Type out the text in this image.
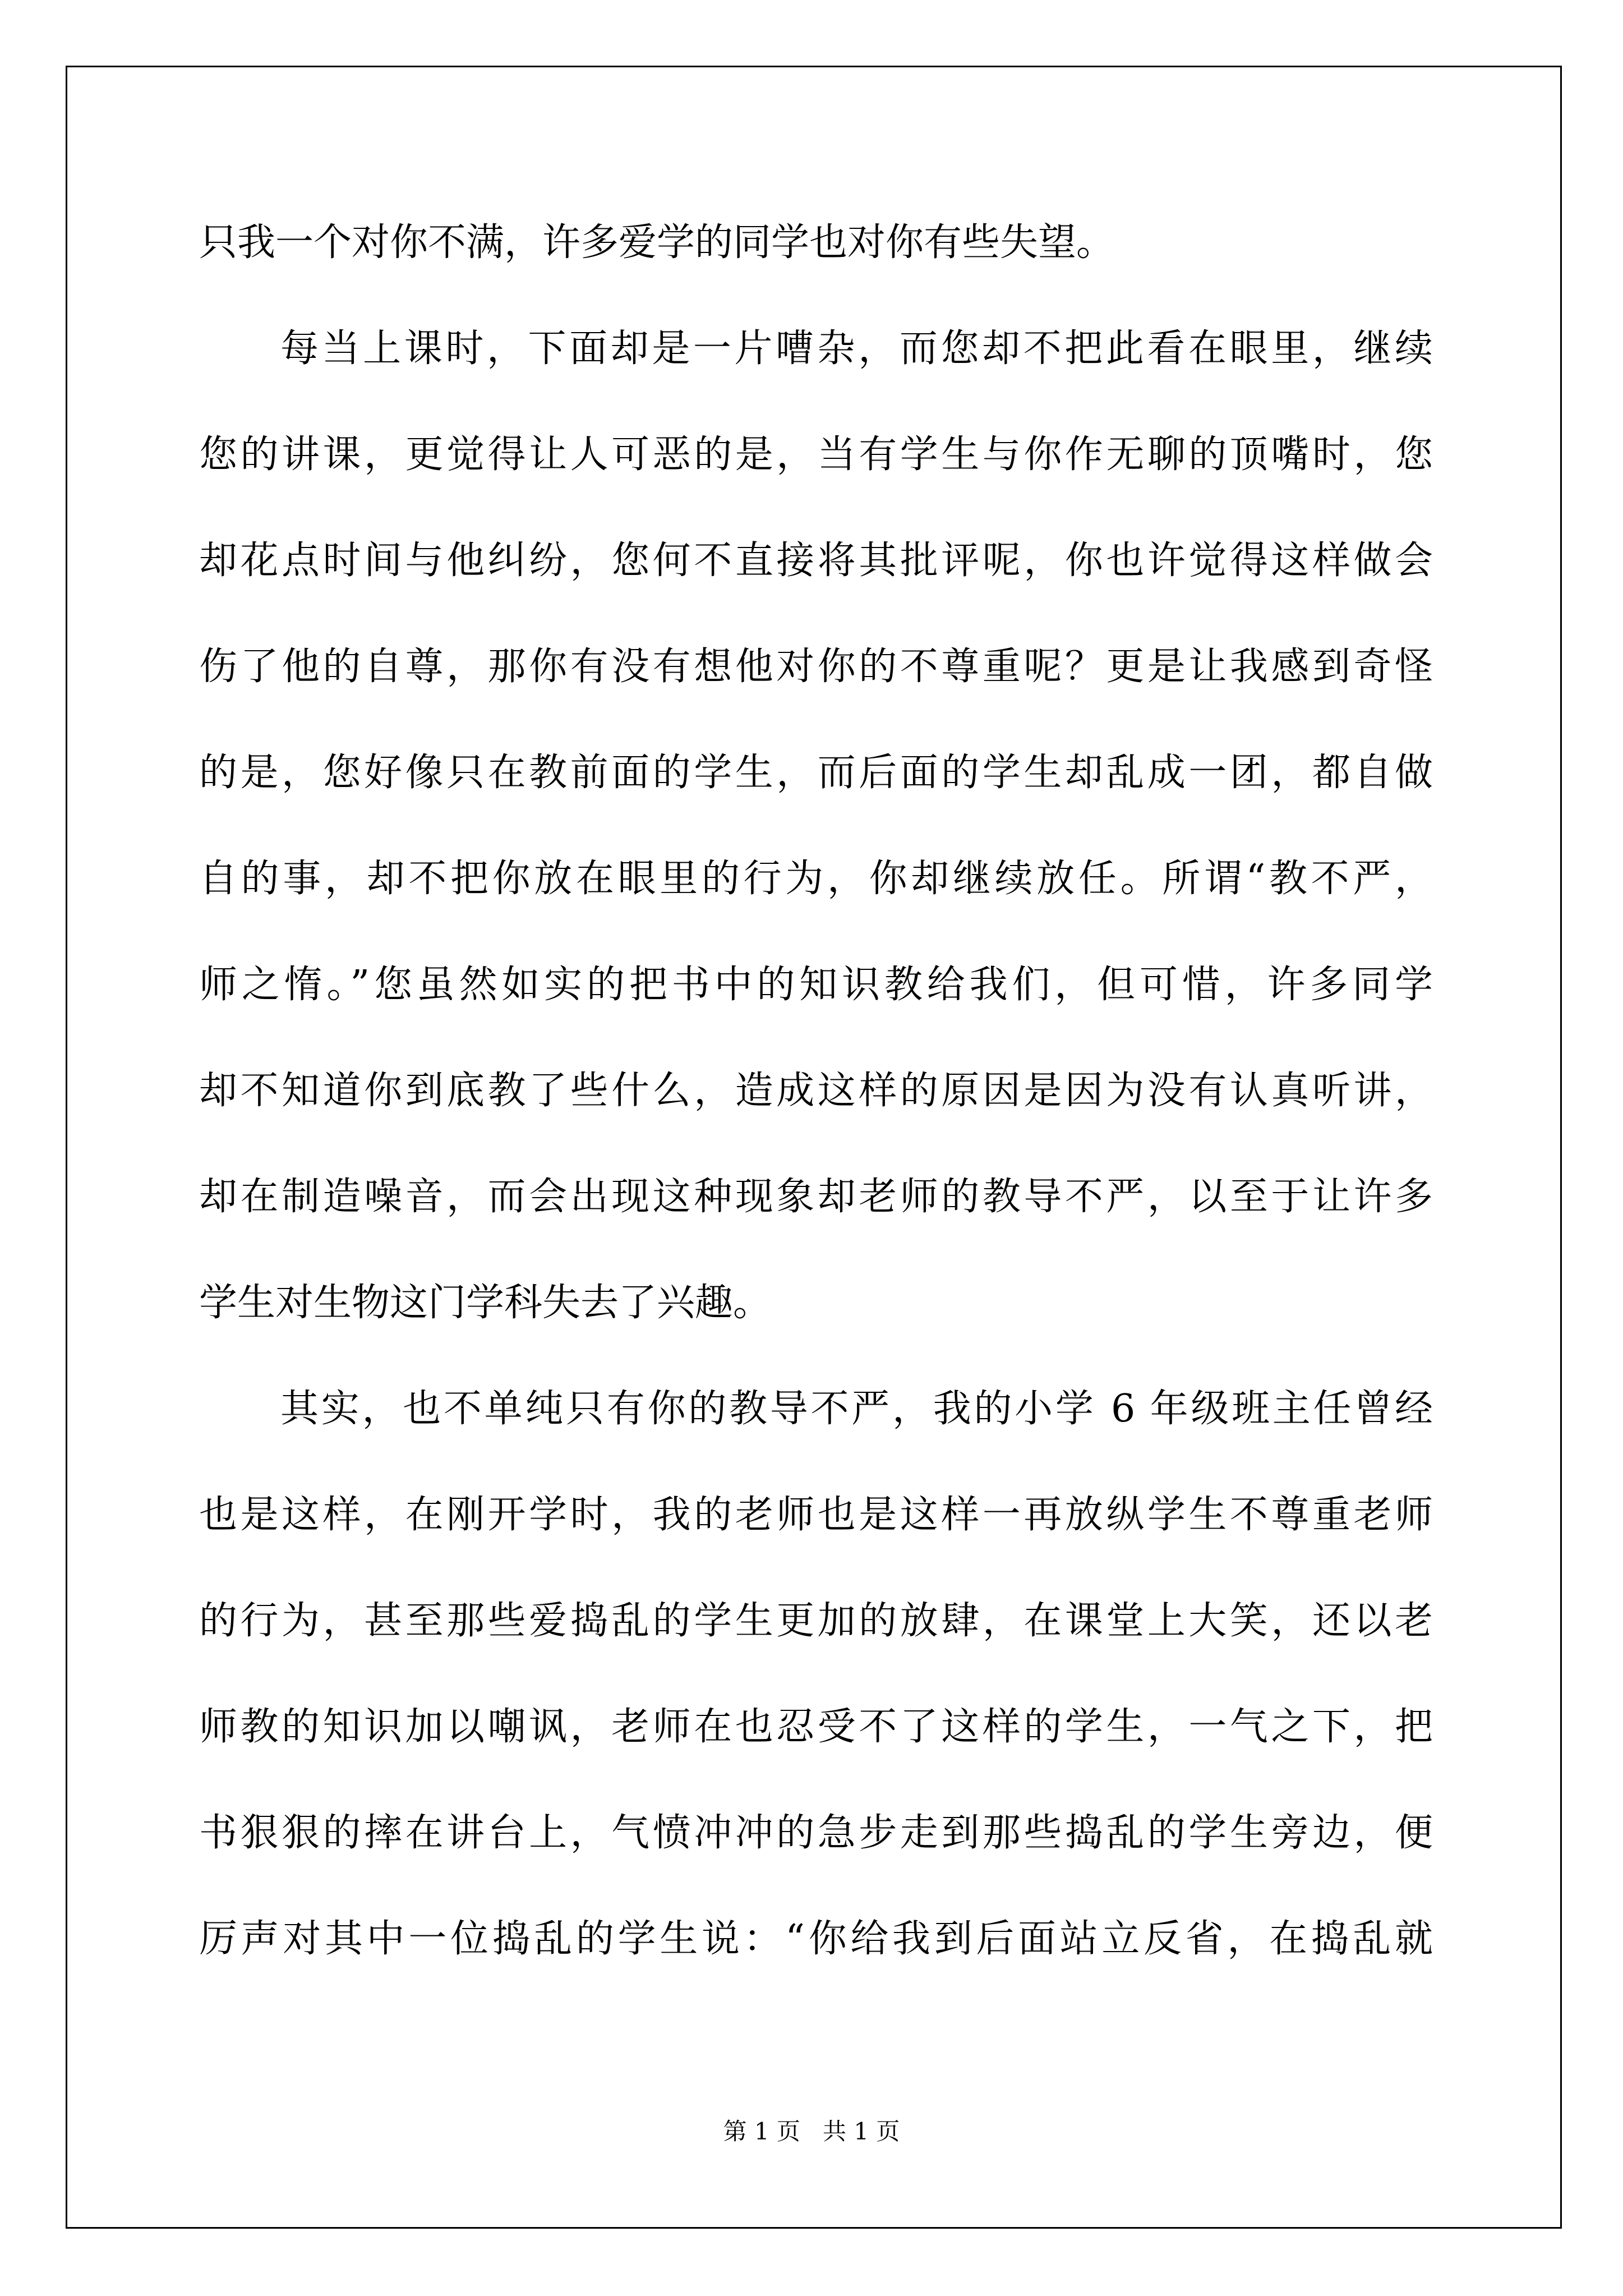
只我一个对你不满，许多爱学的同学也对你有些失望。
每当上课时，下面却是一片嘈杂，而您却不把此看在眼里，继续
您的讲课，更觉得让人可恶的是，当有学生与你作无聊的顶嘴时，您
却花点时间与他纠纷，您何不直接将其批评呢，你也许觉得这样做会
伤了他的自尊，那你有没有想他对你的不尊重呢？更是让我感到奇怪
的是，您好像只在教前面的学生，而后面的学生却乱成一团，都自做
自的事，却不把你放在眼里的行为，你却继续放任。所谓“教不严，
师之惰。”您虽然如实的把书中的知识教给我们，但可惜，许多同学
却不知道你到底教了些什么，造成这样的原因是因为没有认真听讲，
却在制造噪音，而会出现这种现象却老师的教导不严，以至于让许多
学生对生物这门学科失去了兴趣。
其实，也不单纯只有你的教导不严，我的小学 6 年级班主任曾经
也是这样，在刚开学时，我的老师也是这样一再放纵学生不尊重老师
的行为，甚至那些爱捣乱的学生更加的放肆，在课堂上大笑，还以老
师教的知识加以嘲讽，老师在也忍受不了这样的学生，一气之下，把
书狠狠的摔在讲台上，气愤冲冲的急步走到那些捣乱的学生旁边，便
厉声对其中一位捣乱的学生说：“你给我到后面站立反省，在捣乱就
第 1 页 共 1 页
